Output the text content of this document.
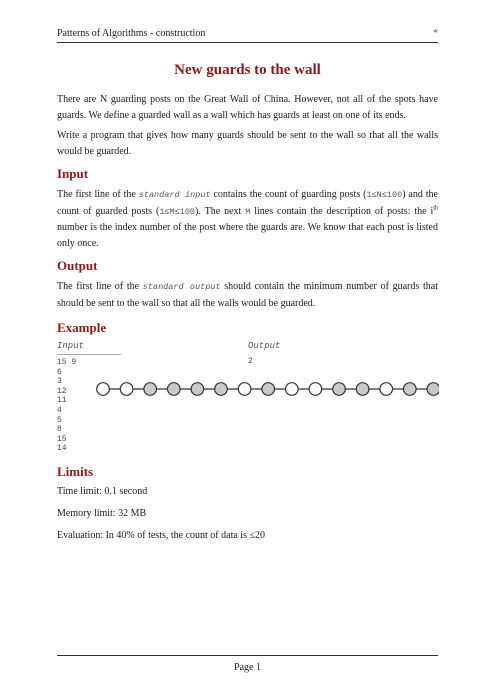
Patterns of Algorithms - construction	*
New guards to the wall

There are N guarding posts on the Great Wall of China. However, not all of the spots have guards. We define a guarded wall as a wall which has guards at least on one of its ends.

Write a program that gives how many guards should be sent to the wall so that all the walls would be guarded.

Input

The first line of the standard input contains the count of guarding posts (1≤N≤100) and the count of guarded posts (1≤M≤100). The next M lines contain the description of posts: the $i^{th}$ number is the index number of the post where the guards are. We know that each post is listed only once.

Output

The first line of the standard output should contain the minimum number of guards that should be sent to the wall so that all the walls would be guarded.

Example
Input
15 9
6
3
12
11
4
5
8
15
14
Output
2
Limits

Time limit: 0.1 second

Memory limit: 32 MB

Evaluation: In 40% of tests, the count of data is ≤20

Page 1
